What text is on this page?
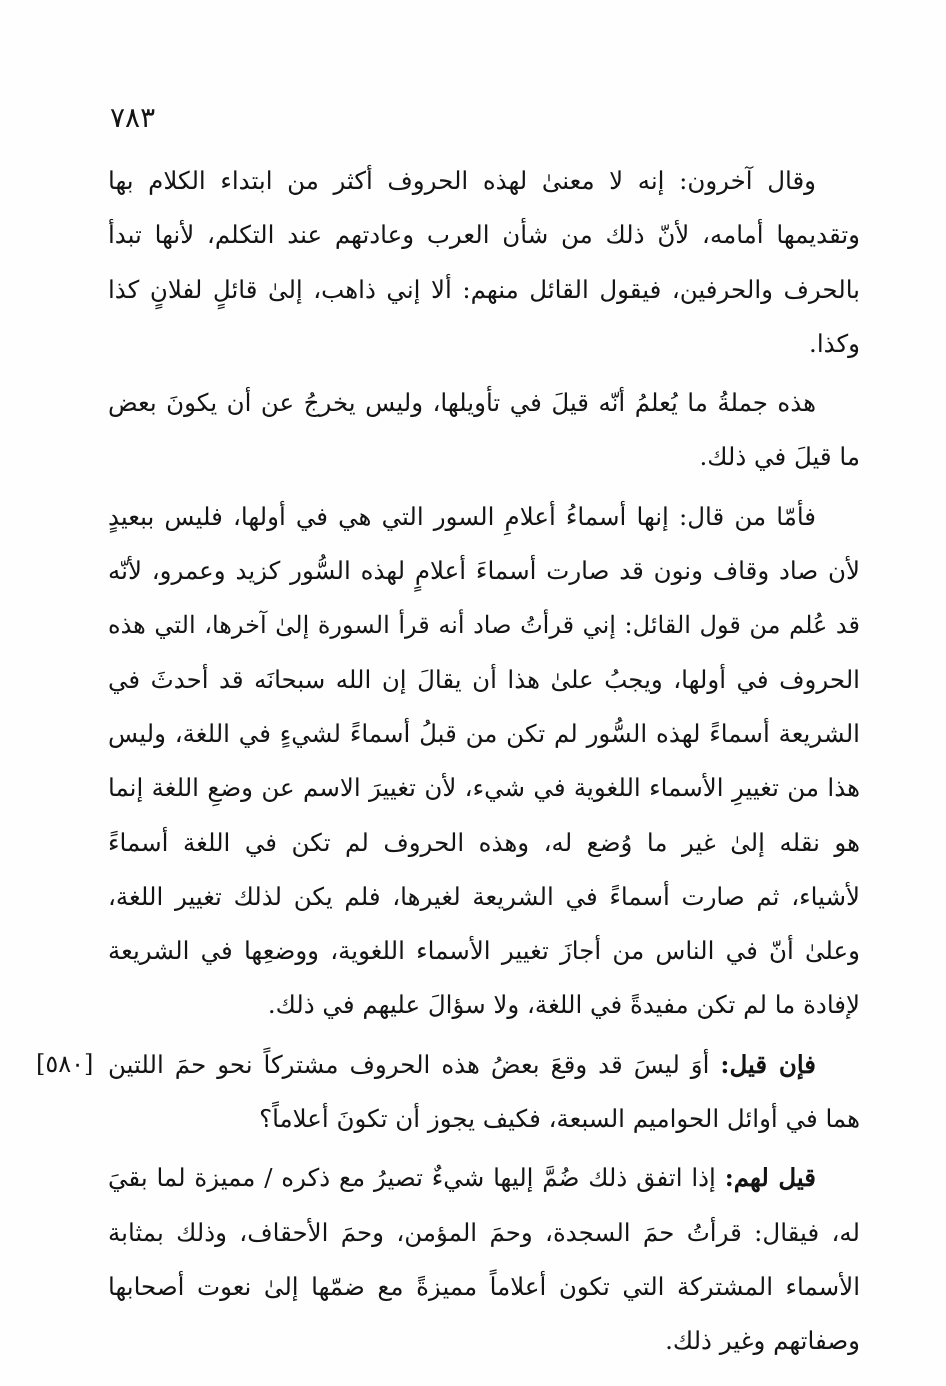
٧٨٣
[٥٨٠]
وقال آخرون: إنه لا معنىٰ لهذه الحروف أكثر من ابتداء الكلام بها
وتقديمها أمامه، لأنّ ذلك من شأن العرب وعادتهم عند التكلم، لأنها تبدأ
بالحرف والحرفين، فيقول القائل منهم: ألا إني ذاهب، إلىٰ قائلٍ لفلانٍ كذا
وكذا.
هذه جملةُ ما يُعلمُ أنّه قيلَ في تأويلها، وليس يخرجُ عن أن يكونَ بعض
ما قيلَ في ذلك.
فأمّا من قال: إنها أسماءُ أعلامِ السور التي هي في أولها، فليس ببعيدٍ
لأن صاد وقاف ونون قد صارت أسماءَ أعلامٍ لهذه السُّور كزيد وعمرو، لأنّه
قد عُلم من قول القائل: إني قرأتُ صاد أنه قرأ السورة إلىٰ آخرها، التي هذه
الحروف في أولها، ويجبُ علىٰ هذا أن يقالَ إن الله سبحانَه قد أحدثَ في
الشريعة أسماءً لهذه السُّور لم تكن من قبلُ أسماءً لشيءٍ في اللغة، وليس
هذا من تغييرِ الأسماء اللغوية في شيء، لأن تغييرَ الاسم عن وضعِ اللغة إنما
هو نقله إلىٰ غير ما وُضع له، وهذه الحروف لم تكن في اللغة أسماءً
لأشياء، ثم صارت أسماءً في الشريعة لغيرها، فلم يكن لذلك تغيير اللغة،
وعلىٰ أنّ في الناس من أجازَ تغيير الأسماء اللغوية، ووضعِها في الشريعة
لإفادة ما لم تكن مفيدةً في اللغة، ولا سؤالَ عليهم في ذلك.
فإن قيل: أوَ ليسَ قد وقعَ بعضُ هذه الحروف مشتركاً نحو حمَ اللتين
هما في أوائل الحواميم السبعة، فكيف يجوز أن تكونَ أعلاماً؟
قيل لهم: إذا اتفق ذلك ضُمَّ إليها شيءٌ تصيرُ مع ذكره / مميزة لما بقيَ
له، فيقال: قرأتُ حمَ السجدة، وحمَ المؤمن، وحمَ الأحقاف، وذلك بمثابة
الأسماء المشتركة التي تكون أعلاماً مميزةً مع ضمّها إلىٰ نعوت أصحابها
وصفاتهم وغير ذلك.
